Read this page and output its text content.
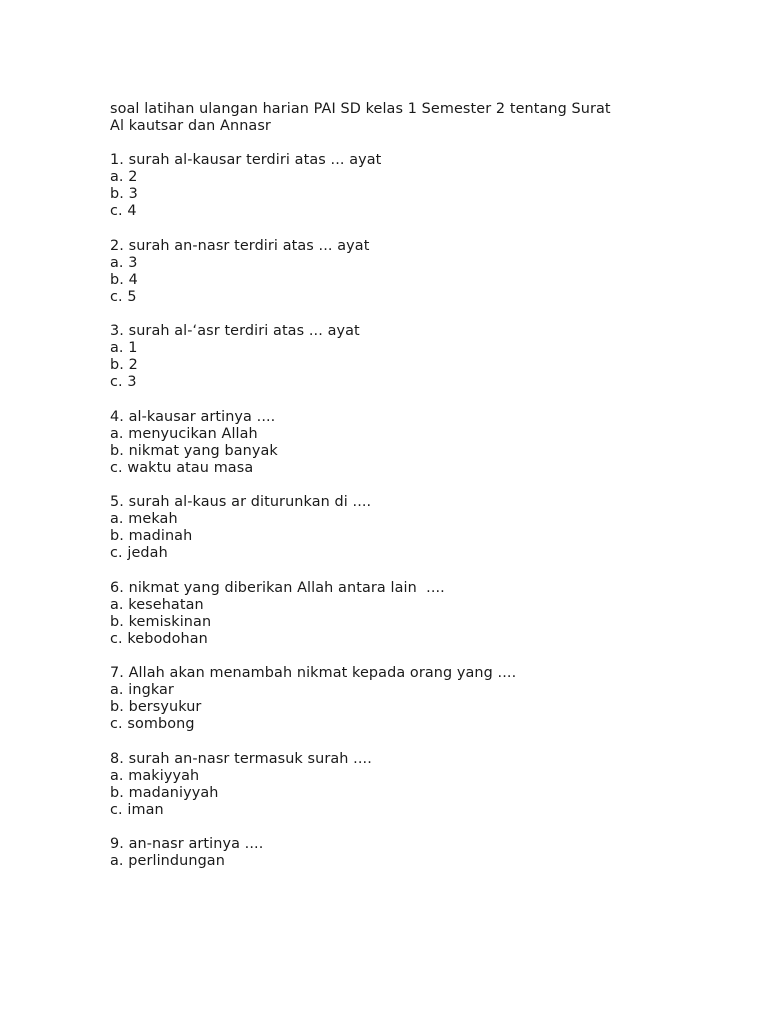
soal latihan ulangan harian PAI SD kelas 1 Semester 2 tentang Surat
Al kautsar dan Annasr
1. surah al-kausar terdiri atas ... ayat
a. 2
b. 3
c. 4
2. surah an-nasr terdiri atas ... ayat
a. 3
b. 4
c. 5
3. surah al-‘asr terdiri atas ... ayat
a. 1
b. 2
c. 3
4. al-kausar artinya ....
a. menyucikan Allah
b. nikmat yang banyak
c. waktu atau masa
5. surah al-kaus ar diturunkan di ....
a. mekah
b. madinah
c. jedah
6. nikmat yang diberikan Allah antara lain  ....
a. kesehatan
b. kemiskinan
c. kebodohan
7. Allah akan menambah nikmat kepada orang yang ....
a. ingkar
b. bersyukur
c. sombong
8. surah an-nasr termasuk surah ....
a. makiyyah
b. madaniyyah
c. iman
9. an-nasr artinya ....
a. perlindungan
